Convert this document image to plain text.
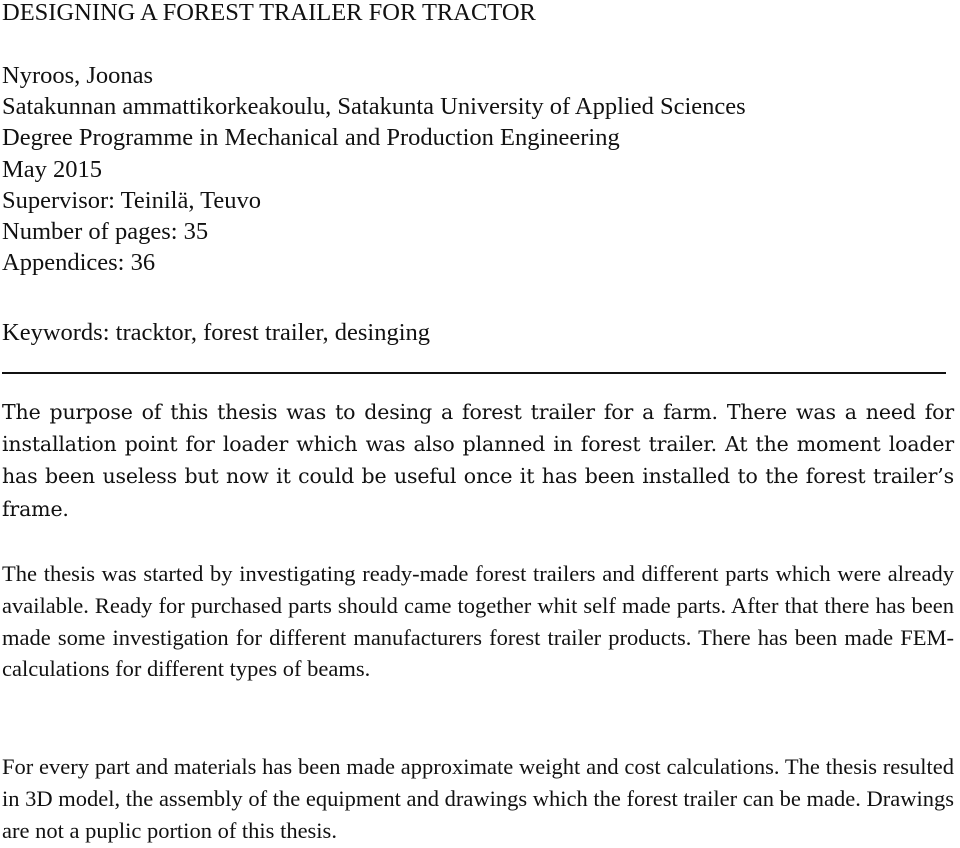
DESIGNING A FOREST TRAILER FOR TRACTOR
Nyroos, Joonas
Satakunnan ammattikorkeakoulu, Satakunta University of Applied Sciences
Degree Programme in Mechanical and Production Engineering
May 2015
Supervisor: Teinilä, Teuvo
Number of pages: 35
Appendices: 36
Keywords: tracktor, forest trailer, desinging

The purpose of this thesis was to desing a forest trailer for a farm. There was a need for installation point for loader which was also planned in forest trailer. At the moment loader has been useless but now it could be useful once it has been installed to the forest trailer’s frame.

The thesis was started by investigating ready-made forest trailers and different parts which were already available. Ready for purchased parts should came together whit self made parts. After that there has been made some investigation for different manufacturers forest trailer products. There has been made FEM-calculations for different types of beams.

For every part and materials has been made approximate weight and cost calculations. The thesis resulted in 3D model, the assembly of the equipment and drawings which the forest trailer can be made. Drawings are not a puplic portion of this thesis.
